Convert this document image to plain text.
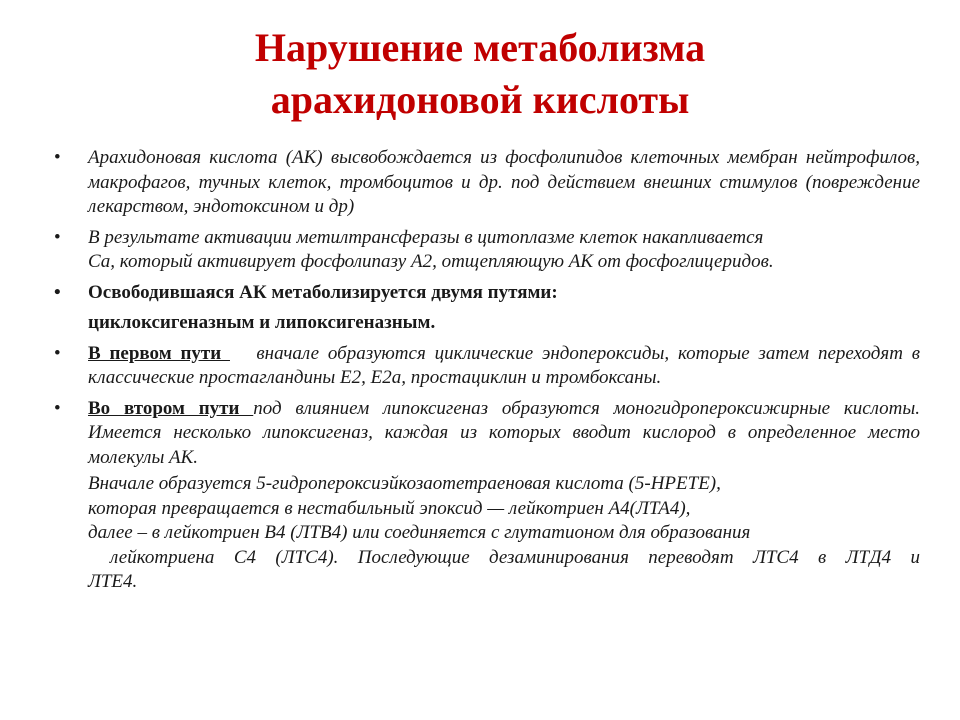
Нарушение метаболизма
арахидоновой кислоты
• Арахидоновая кислота (АК) высвобождается из фосфолипидов клеточных мембран нейтрофилов, макрофагов, тучных клеток, тромбоцитов и др. под действием внешних стимулов (повреждение лекарством, эндотоксином и др)
• В результате активации метилтрансферазы в цитоплазме клеток накапливается
Са, который активирует фосфолипазу А2, отщепляющую АК от фосфоглицеридов.
• Освободившаяся АК метаболизируется двумя путями:
циклоксигеназным и липоксигеназным.
• В первом пути    вначале образуются циклические эндопероксиды, которые затем переходят в классические простагландины Е2, Е2а, простациклин и тромбоксаны.
• Во втором пути под влиянием липоксигеназ образуются моногидропероксижирные кислоты. Имеется несколько липоксигеназ, каждая из которых вводит кислород в определенное место молекулы АК.
Вначале образуется 5-гидропероксиэйкозаотетраеновая кислота (5-НРЕТЕ),
которая превращается в нестабильный эпоксид — лейкотриен А4(ЛТА4),
далее – в лейкотриен В4 (ЛТВ4) или соединяется с глутатионом для образования
лейкотриена С4 (ЛТС4). Последующие дезаминирования переводят ЛТС4 в ЛТД4 и
ЛТЕ4.
